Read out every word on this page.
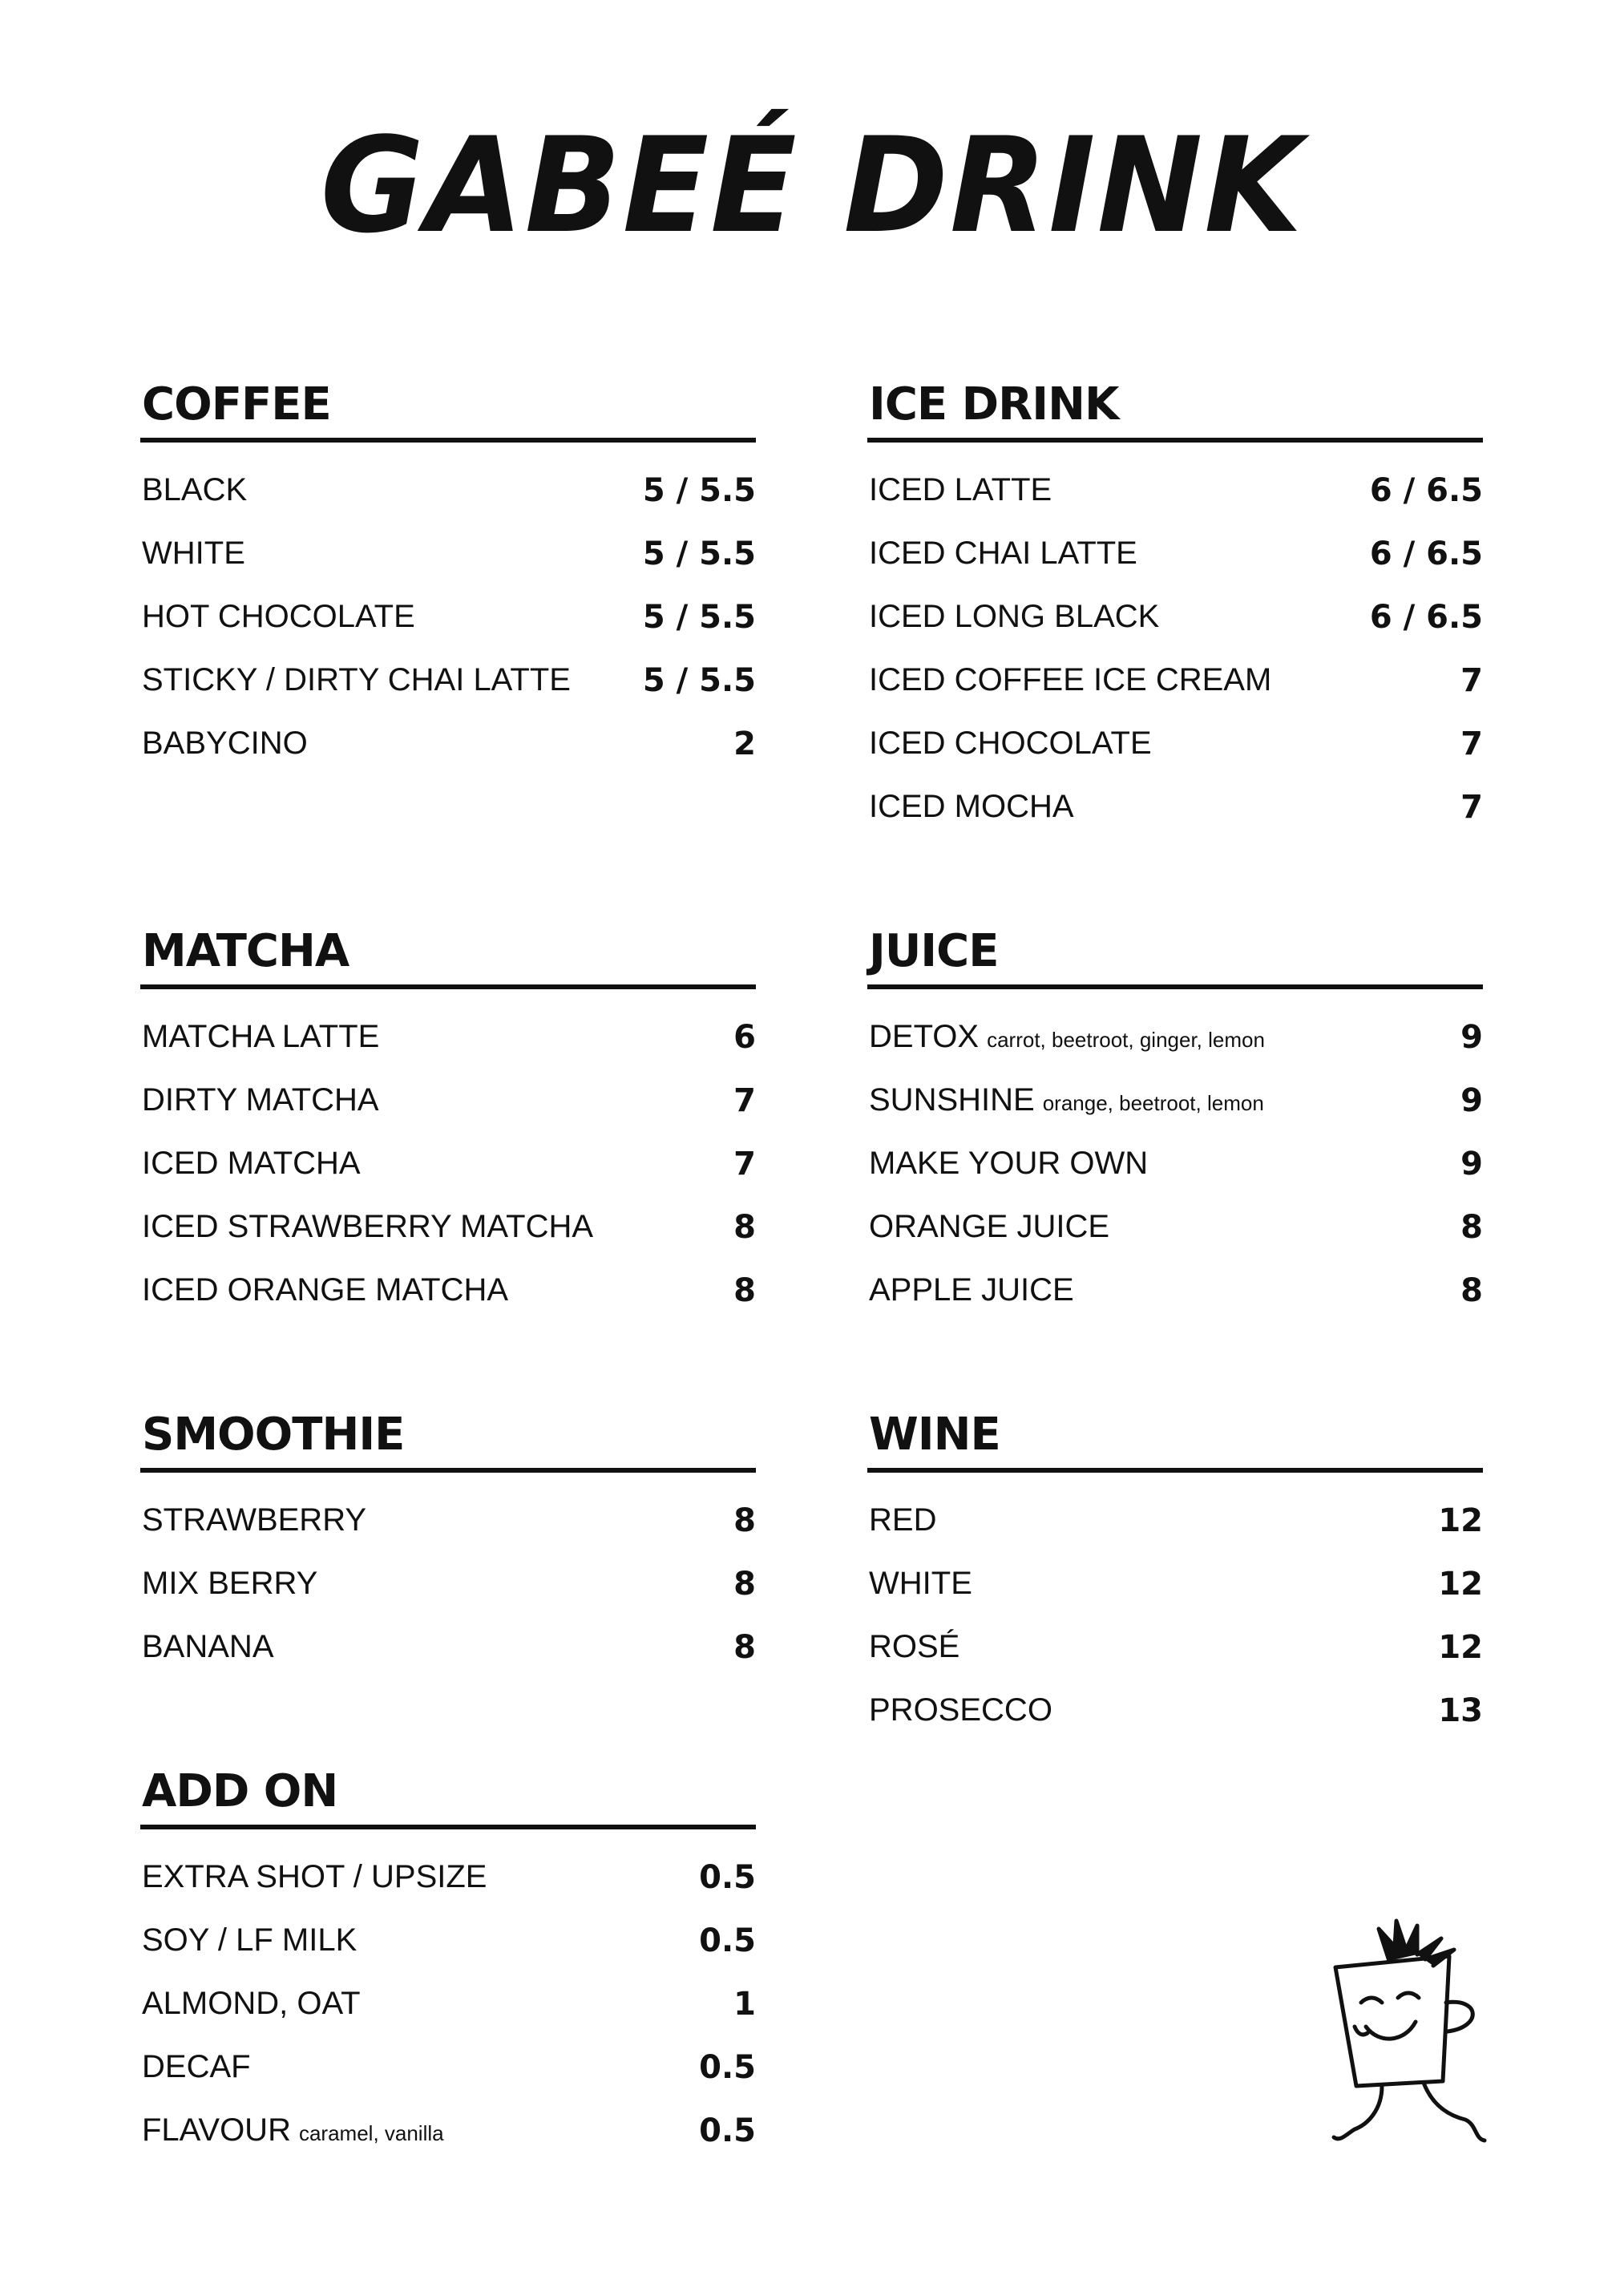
GABEÉ DRINK
COFFEE
BLACK	5 / 5.5
WHITE	5 / 5.5
HOT CHOCOLATE	5 / 5.5
STICKY / DIRTY CHAI LATTE 5 / 5.5
BABYCINO	2
ICE DRINK
ICED LATTE	6 / 6.5
ICED CHAI LATTE	6 / 6.5
ICED LONG BLACK	6 / 6.5
ICED COFFEE ICE CREAM	7
ICED CHOCOLATE	7
ICED MOCHA	7
MATCHA
MATCHA LATTE	6
DIRTY MATCHA	7
ICED MATCHA	7
ICED STRAWBERRY MATCHA	8
ICED ORANGE MATCHA	8
JUICE
DETOX carrot, beetroot, ginger, lemon	9
SUNSHINE orange, beetroot, lemon	9
MAKE YOUR OWN	9
ORANGE JUICE	8
APPLE JUICE	8
SMOOTHIE
STRAWBERRY	8
MIX BERRY	8
BANANA	8
WINE
RED	12
WHITE	12
ROSÉ	12
PROSECCO	13
ADD ON
EXTRA SHOT / UPSIZE	0.5
SOY / LF MILK	0.5
ALMOND, OAT	1
DECAF	0.5
FLAVOUR caramel, vanilla	0.5
